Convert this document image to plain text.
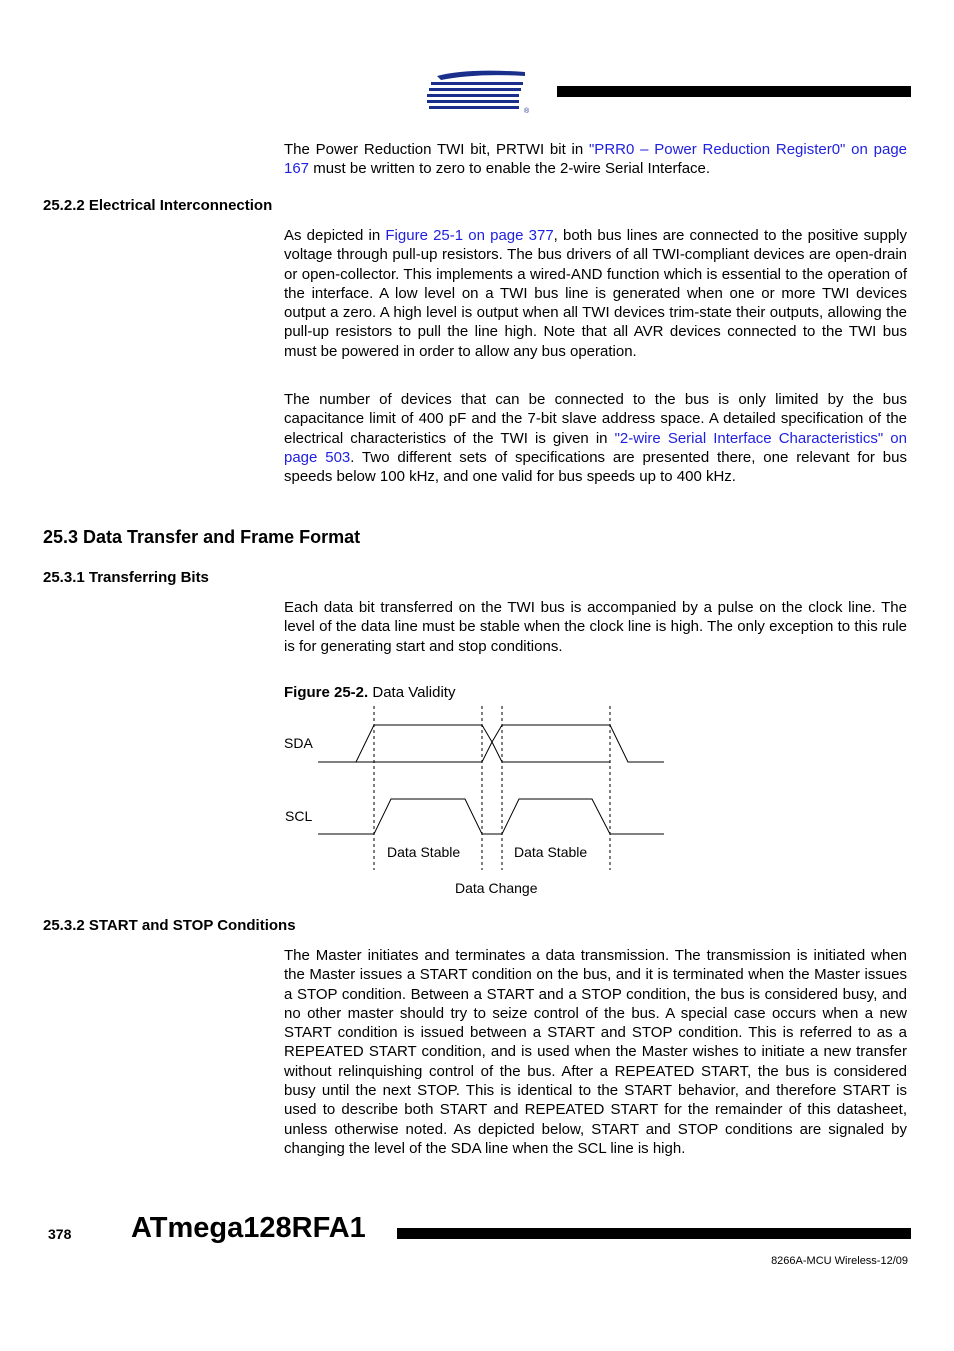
®

The Power Reduction TWI bit, PRTWI bit in "PRR0 – Power Reduction Register0" on page 167 must be written to zero to enable the 2-wire Serial Interface.

25.2.2 Electrical Interconnection

As depicted in Figure 25-1 on page 377, both bus lines are connected to the positive supply voltage through pull-up resistors. The bus drivers of all TWI-compliant devices are open-drain or open-collector. This implements a wired-AND function which is essential to the operation of the interface. A low level on a TWI bus line is generated when one or more TWI devices output a zero. A high level is output when all TWI devices trim-state their outputs, allowing the pull-up resistors to pull the line high. Note that all AVR devices connected to the TWI bus must be powered in order to allow any bus operation.

The number of devices that can be connected to the bus is only limited by the bus capacitance limit of 400 pF and the 7-bit slave address space. A detailed specification of the electrical characteristics of the TWI is given in "2-wire Serial Interface Characteristics" on page 503. Two different sets of specifications are presented there, one relevant for bus speeds below 100 kHz, and one valid for bus speeds up to 400 kHz.

25.3 Data Transfer and Frame Format
25.3.1 Transferring Bits

Each data bit transferred on the TWI bus is accompanied by a pulse on the clock line. The level of the data line must be stable when the clock line is high. The only exception to this rule is for generating start and stop conditions.

Figure 25-2. Data Validity

SDA
SCL
Data Stable	Data Stable
Data Change
25.3.2 START and STOP Conditions

The Master initiates and terminates a data transmission. The transmission is initiated when the Master issues a START condition on the bus, and it is terminated when the Master issues a STOP condition. Between a START and a STOP condition, the bus is considered busy, and no other master should try to seize control of the bus. A special case occurs when a new START condition is issued between a START and STOP condition. This is referred to as a REPEATED START condition, and is used when the Master wishes to initiate a new transfer without relinquishing control of the bus. After a REPEATED START, the bus is considered busy until the next STOP. This is identical to the START behavior, and therefore START is used to describe both START and REPEATED START for the remainder of this datasheet, unless otherwise noted. As depicted below, START and STOP conditions are signaled by changing the level of the SDA line when the SCL line is high.

378 ATmega128RFA1
8266A-MCU Wireless-12/09
